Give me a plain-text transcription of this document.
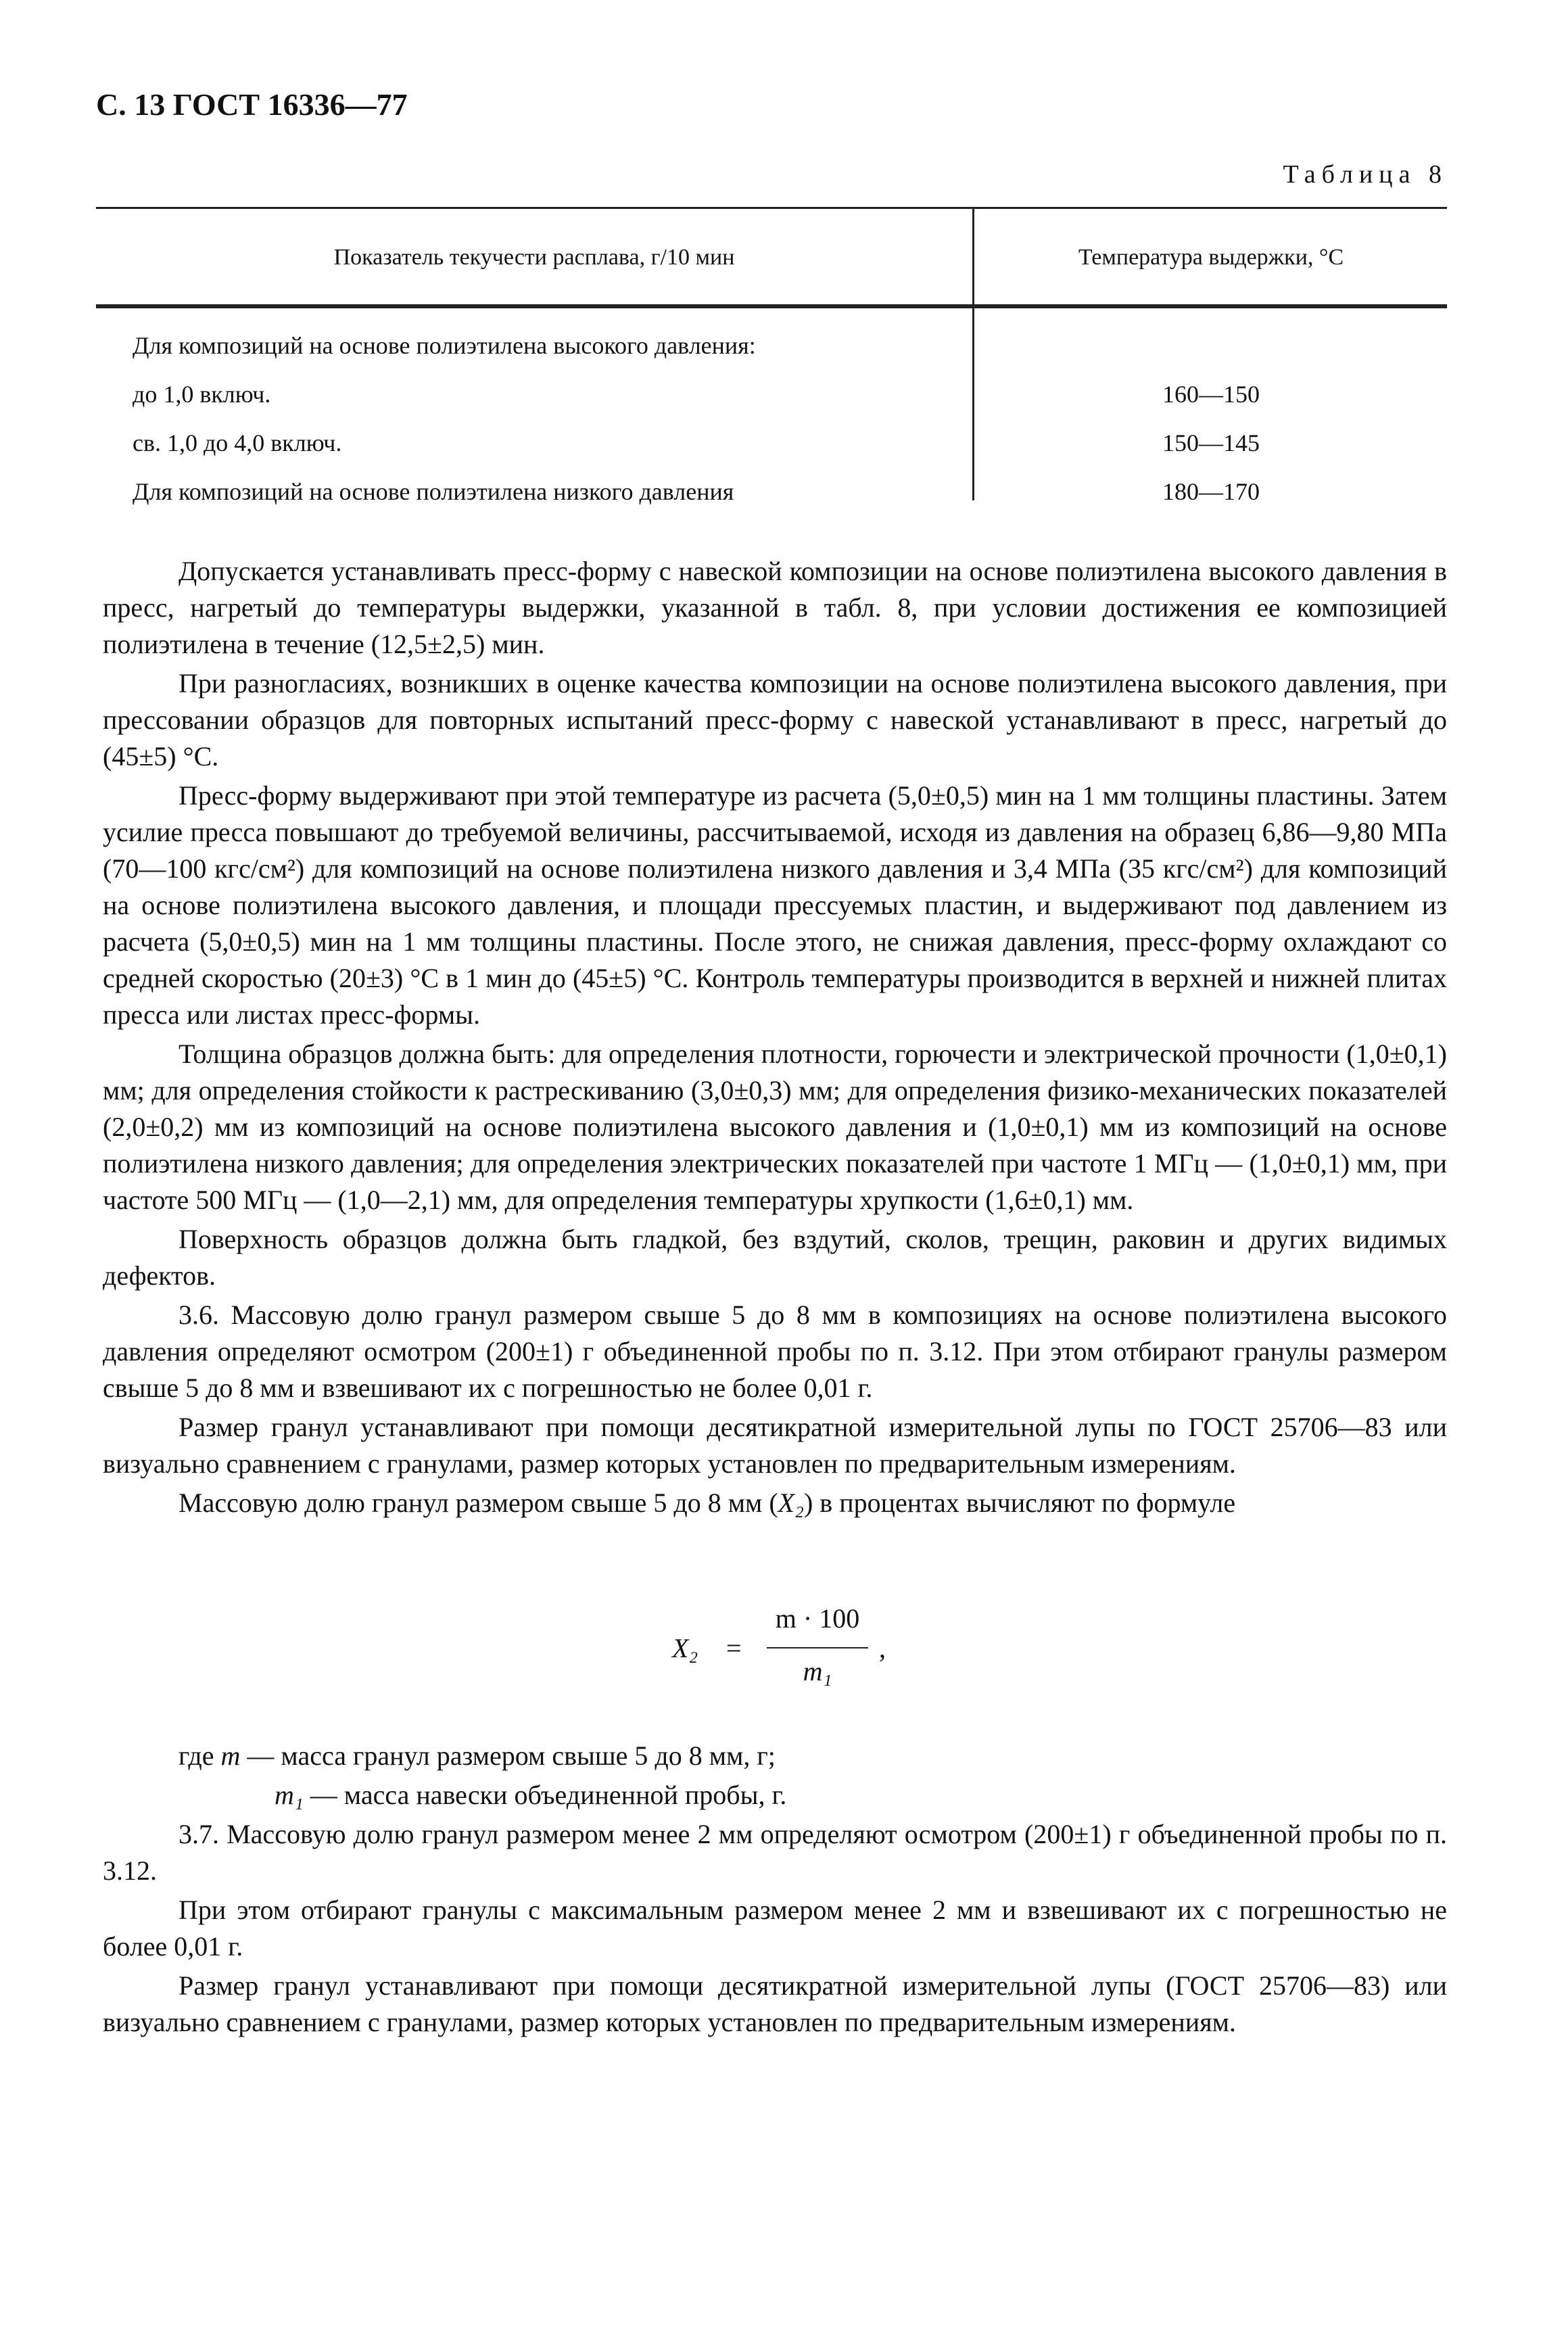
С. 13 ГОСТ 16336—77
Таблица 8
Показатель текучести расплава, г/10 мин	Температура выдержки, °С
Для композиций на основе полиэтилена высокого давления:
до 1,0 включ.	160—150
св. 1,0 до 4,0 включ.	150—145
Для композиций на основе полиэтилена низкого давления	180—170

Допускается устанавливать пресс-форму с навеской композиции на основе полиэтилена высокого давления в пресс, нагретый до температуры выдержки, указанной в табл. 8, при условии достижения ее композицией полиэтилена в течение (12,5±2,5) мин.

При разногласиях, возникших в оценке качества композиции на основе полиэтилена высокого давления, при прессовании образцов для повторных испытаний пресс-форму с навеской устанавливают в пресс, нагретый до (45±5) °С.

Пресс-форму выдерживают при этой температуре из расчета (5,0±0,5) мин на 1 мм толщины пластины. Затем усилие пресса повышают до требуемой величины, рассчитываемой, исходя из давления на образец 6,86—9,80 МПа (70—100 кгс/см²) для композиций на основе полиэтилена низкого давления и 3,4 МПа (35 кгс/см²) для композиций на основе полиэтилена высокого давления, и площади прессуемых пластин, и выдерживают под давлением из расчета (5,0±0,5) мин на 1 мм толщины пластины. После этого, не снижая давления, пресс-форму охлаждают со средней скоростью (20±3) °С в 1 мин до (45±5) °С. Контроль температуры производится в верхней и нижней плитах пресса или листах пресс-формы.

Толщина образцов должна быть: для определения плотности, горючести и электрической прочности (1,0±0,1) мм; для определения стойкости к растрескиванию (3,0±0,3) мм; для определения физико-механических показателей (2,0±0,2) мм из композиций на основе полиэтилена высокого давления и (1,0±0,1) мм из композиций на основе полиэтилена низкого давления; для определения электрических показателей при частоте 1 МГц — (1,0±0,1) мм, при частоте 500 МГц — (1,0—2,1) мм, для определения температуры хрупкости (1,6±0,1) мм.

Поверхность образцов должна быть гладкой, без вздутий, сколов, трещин, раковин и других видимых дефектов.

3.6. Массовую долю гранул размером свыше 5 до 8 мм в композициях на основе полиэтилена высокого давления определяют осмотром (200±1) г объединенной пробы по п. 3.12. При этом отбирают гранулы размером свыше 5 до 8 мм и взвешивают их с погрешностью не более 0,01 г.

Размер гранул устанавливают при помощи десятикратной измерительной лупы по ГОСТ 25706—83 или визуально сравнением с гранулами, размер которых установлен по предварительным измерениям.

Массовую долю гранул размером свыше 5 до 8 мм (X₂) в процентах вычисляют по формуле

X₂ =
m · 100
m₁
,

где m — масса гранул размером свыше 5 до 8 мм, г;

m₁ — масса навески объединенной пробы, г.

3.7. Массовую долю гранул размером менее 2 мм определяют осмотром (200±1) г объединенной пробы по п. 3.12.

При этом отбирают гранулы с максимальным размером менее 2 мм и взвешивают их с погрешностью не более 0,01 г.

Размер гранул устанавливают при помощи десятикратной измерительной лупы (ГОСТ 25706—83) или визуально сравнением с гранулами, размер которых установлен по предварительным измерениям.
